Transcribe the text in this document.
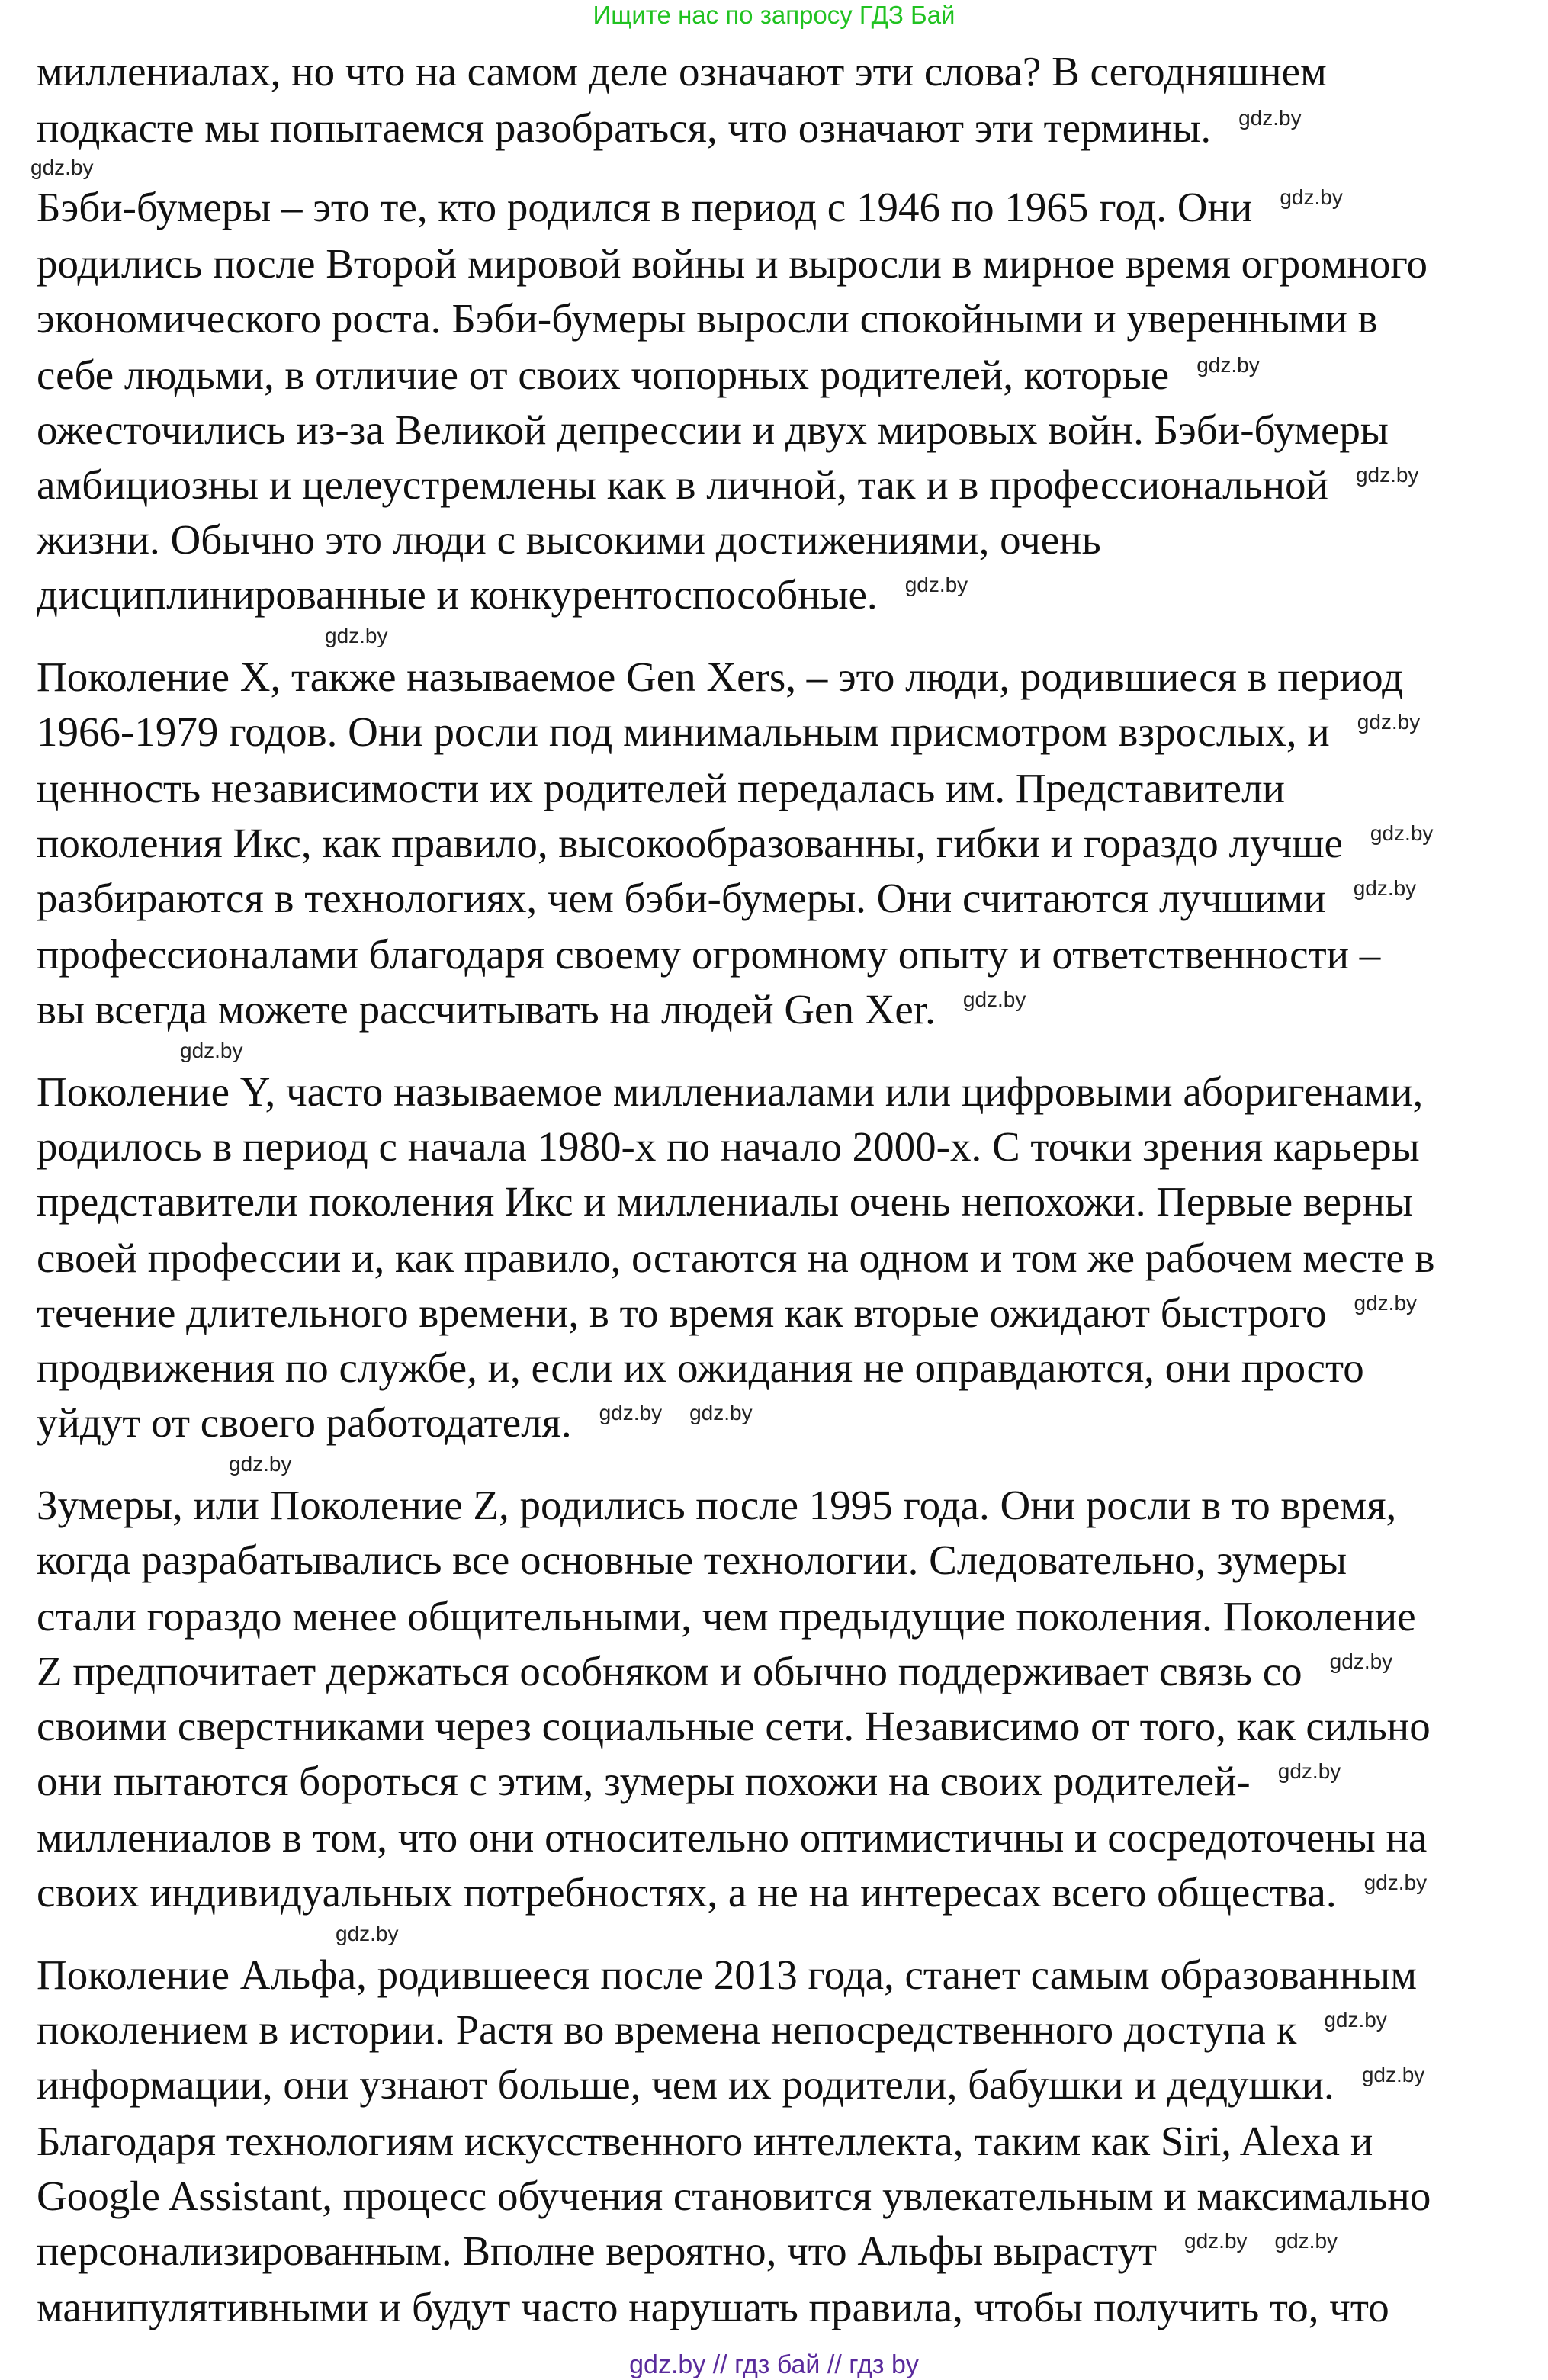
Ищите нас по запросу ГДЗ Бай
миллениалах, но что на самом деле означают эти слова? В сегодняшнем
подкасте мы попытаемся разобраться, что означают эти термины. gdz.by
Бэби-бумеры – это те, кто родился в период с 1946 по 1965 год. Они gdz.by
родились после Второй мировой войны и выросли в мирное время огромного
экономического роста. Бэби-бумеры выросли спокойными и уверенными в
себе людьми, в отличие от своих чопорных родителей, которые gdz.by
ожесточились из-за Великой депрессии и двух мировых войн. Бэби-бумеры
амбициозны и целеустремлены как в личной, так и в профессиональной gdz.by
жизни. Обычно это люди с высокими достижениями, очень
дисциплинированные и конкурентоспособные. gdz.by
Поколение X, также называемое Gen Xers, – это люди, родившиеся в период
1966-1979 годов. Они росли под минимальным присмотром взрослых, и gdz.by
ценность независимости их родителей передалась им. Представители
поколения Икс, как правило, высокообразованны, гибки и гораздо лучше gdz.by
разбираются в технологиях, чем бэби-бумеры. Они считаются лучшими gdz.by
профессионалами благодаря своему огромному опыту и ответственности –
вы всегда можете рассчитывать на людей Gen Xer. gdz.by
Поколение Y, часто называемое миллениалами или цифровыми аборигенами,
родилось в период с начала 1980-х по начало 2000-х. С точки зрения карьеры
представители поколения Икс и миллениалы очень непохожи. Первые верны
своей профессии и, как правило, остаются на одном и том же рабочем месте в
течение длительного времени, в то время как вторые ожидают быстрого gdz.by
продвижения по службе, и, если их ожидания не оправдаются, они просто
уйдут от своего работодателя. gdz.by gdz.by
Зумеры, или Поколение Z, родились после 1995 года. Они росли в то время,
когда разрабатывались все основные технологии. Следовательно, зумеры
стали гораздо менее общительными, чем предыдущие поколения. Поколение
Z предпочитает держаться особняком и обычно поддерживает связь со gdz.by
своими сверстниками через социальные сети. Независимо от того, как сильно
они пытаются бороться с этим, зумеры похожи на своих родителей- gdz.by
миллениалов в том, что они относительно оптимистичны и сосредоточены на
своих индивидуальных потребностях, а не на интересах всего общества. gdz.by
Поколение Альфа, родившееся после 2013 года, станет самым образованным
поколением в истории. Растя во времена непосредственного доступа к gdz.by
информации, они узнают больше, чем их родители, бабушки и дедушки. gdz.by
Благодаря технологиям искусственного интеллекта, таким как Siri, Alexa и
Google Assistant, процесс обучения становится увлекательным и максимально
персонализированным. Вполне вероятно, что Альфы вырастут gdz.by gdz.by
манипулятивными и будут часто нарушать правила, чтобы получить то, что
gdz.by
gdz.by
gdz.by
gdz.by
gdz.by
gdz.by // гдз бай // гдз by
